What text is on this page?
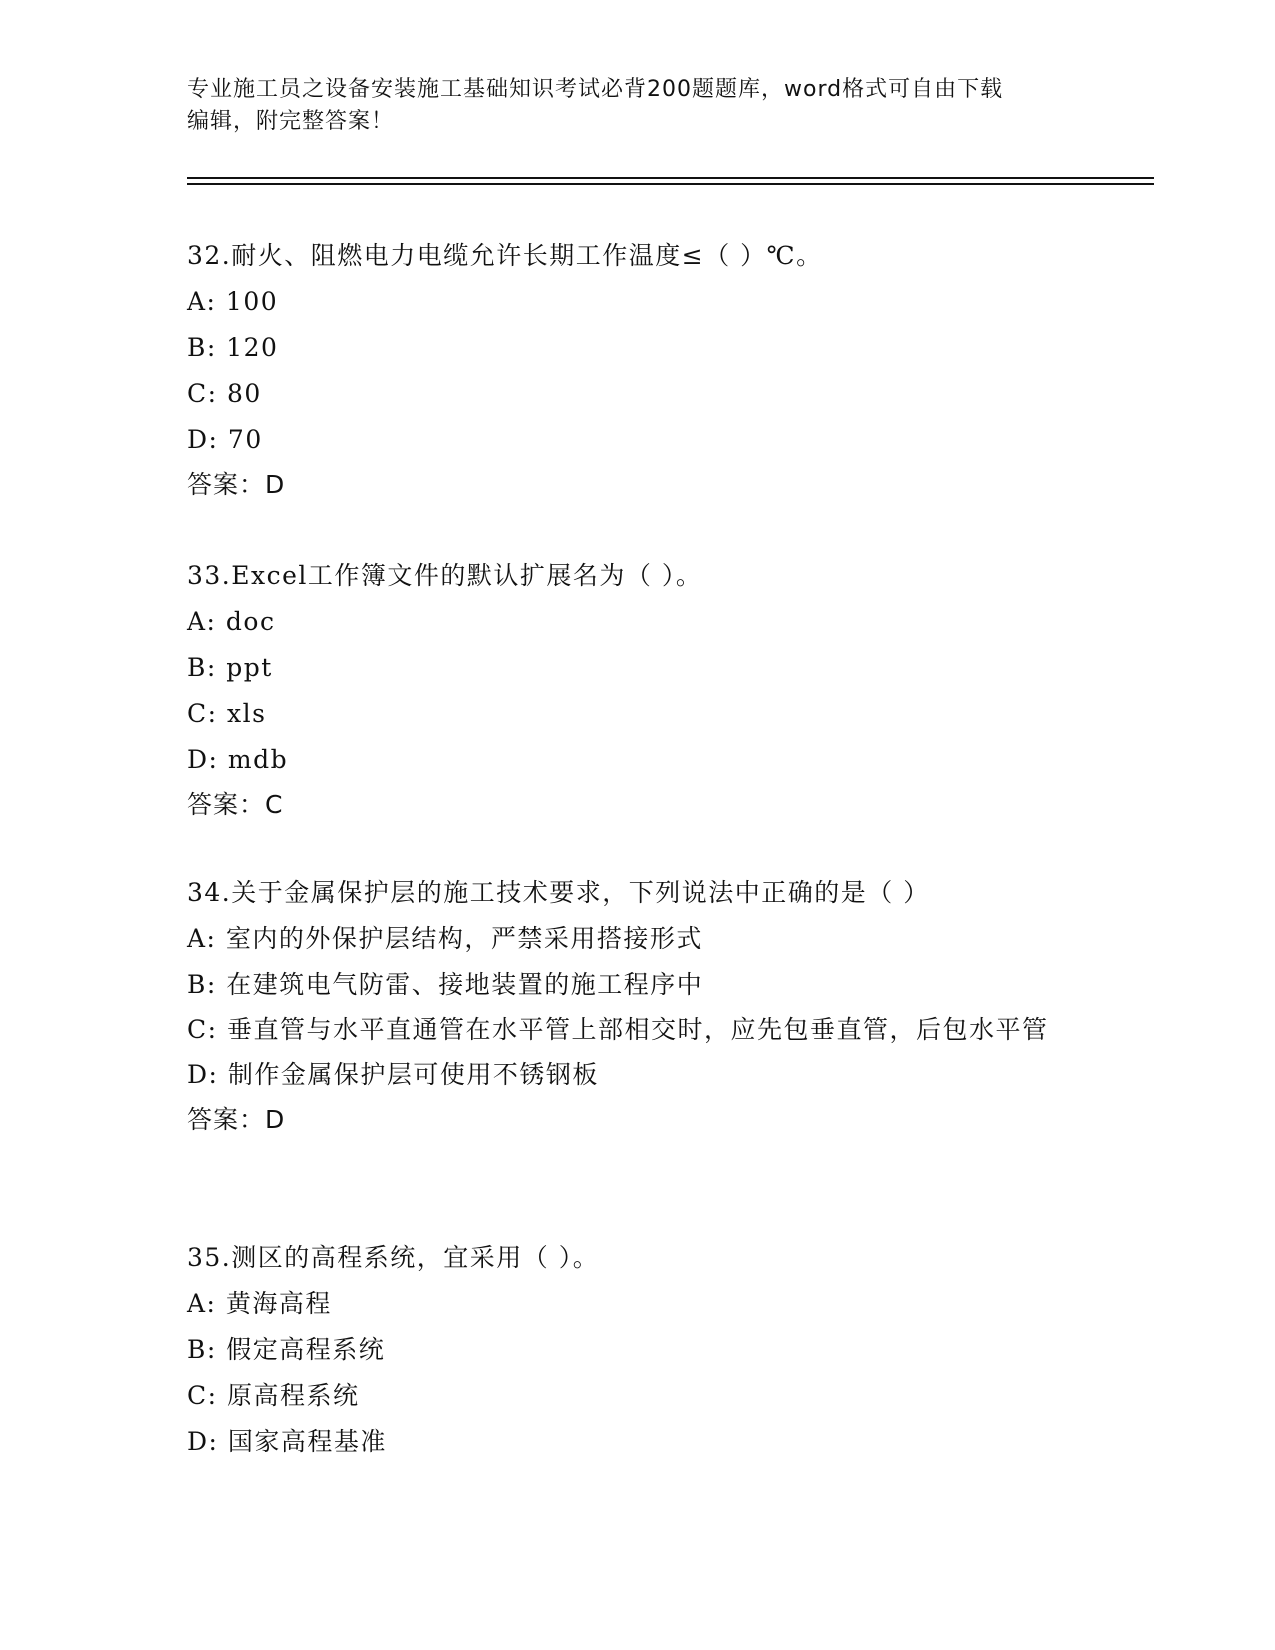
专业施工员之设备安装施工基础知识考试必背200题题库，word格式可自由下载
编辑，附完整答案！
32.耐火、阻燃电力电缆允许长期工作温度≤（ ）℃。
A: 100
B: 120
C: 80
D: 70
答案：D
33.Excel工作簿文件的默认扩展名为（ ）。
A: doc
B: ppt
C: xls
D: mdb
答案：C
34.关于金属保护层的施工技术要求，下列说法中正确的是（ ）
A: 室内的外保护层结构，严禁采用搭接形式
B: 在建筑电气防雷、接地装置的施工程序中
C: 垂直管与水平直通管在水平管上部相交时，应先包垂直管，后包水平管
D: 制作金属保护层可使用不锈钢板
答案：D
35.测区的高程系统，宜采用（ ）。
A: 黄海高程
B: 假定高程系统
C: 原高程系统
D: 国家高程基准
